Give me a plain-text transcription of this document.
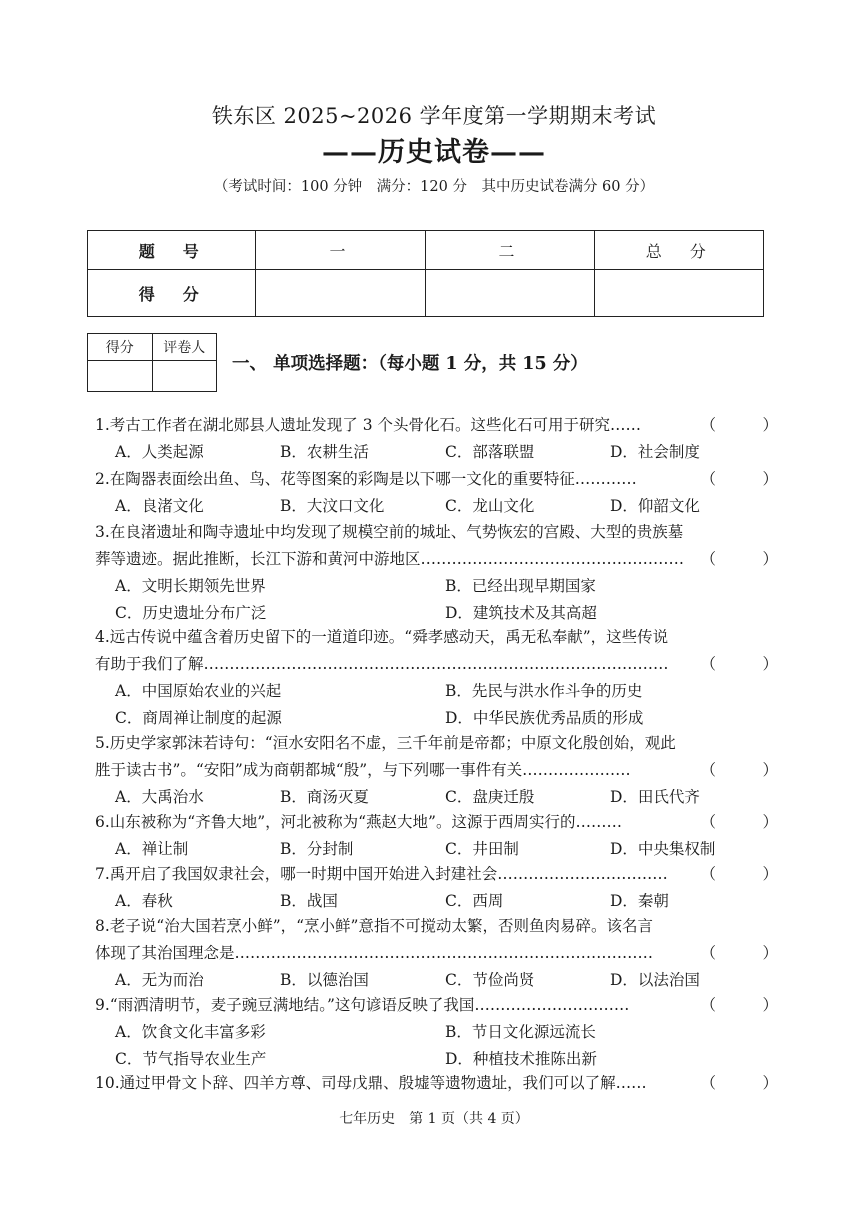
铁东区 2025~2026 学年度第一学期期末考试
——历史试卷——
（考试时间：100 分钟　满分：120 分　其中历史试卷满分 60 分）
题　号	一	二	总　分
得　分			
得分	评卷人

一、 单项选择题：（每小题 1 分，共 15 分）
1.考古工作者在湖北郧县人遗址发现了 3 个头骨化石。这些化石可用于研究……	（　　　）
A．人类起源	B．农耕生活	C．部落联盟	D．社会制度
2.在陶器表面绘出鱼、鸟、花等图案的彩陶是以下哪一文化的重要特征…………	（　　　）
A．良渚文化	B．大汶口文化	C．龙山文化	D．仰韶文化
3.在良渚遗址和陶寺遗址中均发现了规模空前的城址、气势恢宏的宫殿、大型的贵族墓
葬等遗迹。据此推断，长江下游和黄河中游地区……………………………………………	（　　　）
A．文明长期领先世界	B．已经出现早期国家
C．历史遗址分布广泛	D．建筑技术及其高超
4.远古传说中蕴含着历史留下的一道道印迹。“舜孝感动天，禹无私奉献”，这些传说
有助于我们了解………………………………………………………………………………	（　　　）
A．中国原始农业的兴起	B．先民与洪水作斗争的历史
C．商周禅让制度的起源	D．中华民族优秀品质的形成
5.历史学家郭沫若诗句：“洹水安阳名不虚，三千年前是帝都；中原文化殷创始，观此
胜于读古书”。“安阳”成为商朝都城“殷”，与下列哪一事件有关…………………	（　　　）
A．大禹治水	B．商汤灭夏	C．盘庚迁殷	D．田氏代齐
6.山东被称为“齐鲁大地”，河北被称为“燕赵大地”。这源于西周实行的………	（　　　）
A．禅让制	B．分封制	C．井田制	D．中央集权制
7.禹开启了我国奴隶社会，哪一时期中国开始进入封建社会……………………………	（　　　）
A．春秋	B．战国	C．西周	D．秦朝
8.老子说“治大国若烹小鲜”，“烹小鲜”意指不可搅动太繁，否则鱼肉易碎。该名言
体现了其治国理念是………………………………………………………………………	（　　　）
A．无为而治	B．以德治国	C．节俭尚贤	D．以法治国
9.“雨洒清明节，麦子豌豆满地结。”这句谚语反映了我国…………………………	（　　　）
A．饮食文化丰富多彩	B．节日文化源远流长
C．节气指导农业生产	D．种植技术推陈出新
10.通过甲骨文卜辞、四羊方尊、司母戊鼎、殷墟等遗物遗址，我们可以了解……	（　　　）
七年历史　第 1 页（共 4 页）
